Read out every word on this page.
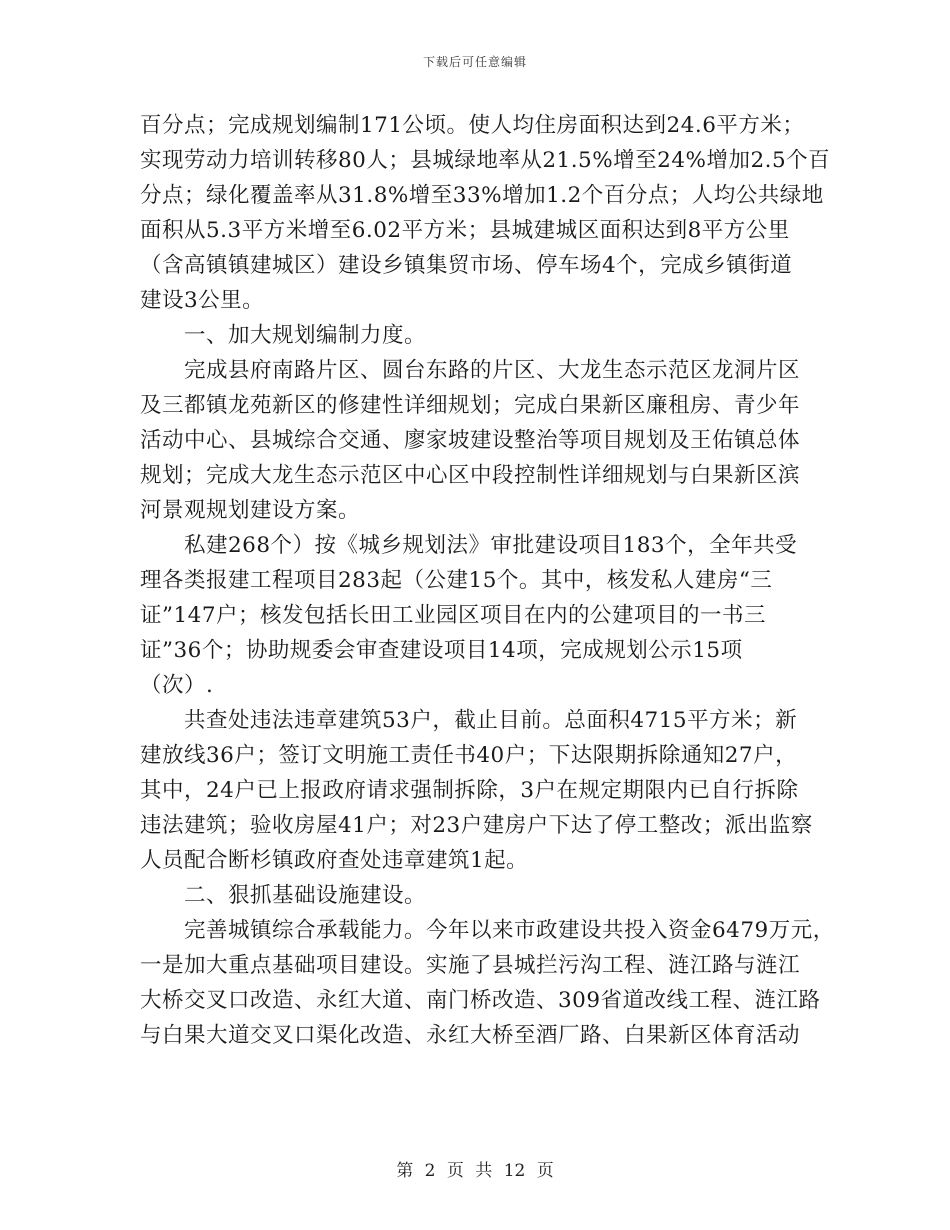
下载后可任意编辑
百分点；完成规划编制171公顷。使人均住房面积达到24.6平方米；
实现劳动力培训转移80人；县城绿地率从21.5%增至24%增加2.5个百
分点；绿化覆盖率从31.8%增至33%增加1.2个百分点；人均公共绿地
面积从5.3平方米增至6.02平方米；县城建城区面积达到8平方公里
（含高镇镇建城区）建设乡镇集贸市场、停车场4个，完成乡镇街道
建设3公里。
一、加大规划编制力度。
完成县府南路片区、圆台东路的片区、大龙生态示范区龙洞片区
及三都镇龙苑新区的修建性详细规划；完成白果新区廉租房、青少年
活动中心、县城综合交通、廖家坡建设整治等项目规划及王佑镇总体
规划；完成大龙生态示范区中心区中段控制性详细规划与白果新区滨
河景观规划建设方案。
私建268个）按《城乡规划法》审批建设项目183个，全年共受
理各类报建工程项目283起（公建15个。其中，核发私人建房“三
证”147户；核发包括长田工业园区项目在内的公建项目的一书三
证”36个；协助规委会审查建设项目14项，完成规划公示15项
（次）.
共查处违法违章建筑53户，截止目前。总面积4715平方米；新
建放线36户；签订文明施工责任书40户；下达限期拆除通知27户，
其中，24户已上报政府请求强制拆除，3户在规定期限内已自行拆除
违法建筑；验收房屋41户；对23户建房户下达了停工整改；派出监察
人员配合断杉镇政府查处违章建筑1起。
二、狠抓基础设施建设。
完善城镇综合承载能力。今年以来市政建设共投入资金6479万元，
一是加大重点基础项目建设。实施了县城拦污沟工程、涟江路与涟江
大桥交叉口改造、永红大道、南门桥改造、309省道改线工程、涟江路
与白果大道交叉口渠化改造、永红大桥至酒厂路、白果新区体育活动
第 2 页 共 12 页
